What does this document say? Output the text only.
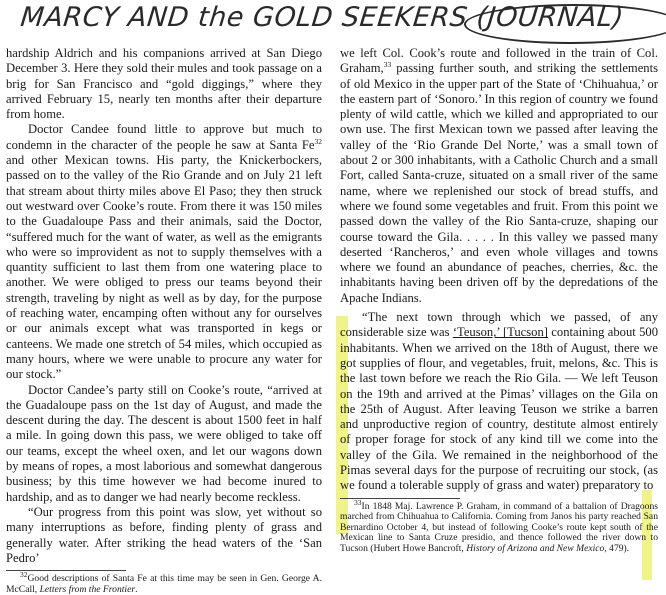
MARCY AND the GOLD SEEKERS (JOURNAL)

hardship Aldrich and his companions arrived at San Diego December 3. Here they sold their mules and took passage on a brig for San Francisco and “gold diggings,” where they arrived February 15, nearly ten months after their departure from home.

Doctor Candee found little to approve but much to condemn in the character of the people he saw at Santa Fe$^{32}$ and other Mexican towns. His party, the Knickerbockers, passed on to the valley of the Rio Grande and on July 21 left that stream about thirty miles above El Paso; they then struck out westward over Cooke’s route. From there it was 150 miles to the Guadaloupe Pass and their animals, said the Doctor, “suffered much for the want of water, as well as the emigrants who were so improvident as not to supply themselves with a quantity sufficient to last them from one watering place to another. We were obliged to press our teams beyond their strength, traveling by night as well as by day, for the purpose of reaching water, encamping often without any for ourselves or our animals except what was transported in kegs or canteens. We made one stretch of 54 miles, which occupied as many hours, where we were unable to procure any water for our stock.”

Doctor Candee’s party still on Cooke’s route, “arrived at the Guadaloupe pass on the 1st day of August, and made the descent during the day. The descent is about 1500 feet in half a mile. In going down this pass, we were obliged to take off our teams, except the wheel oxen, and let our wagons down by means of ropes, a most laborious and somewhat dangerous business; by this time however we had become inured to hardship, and as to danger we had nearly become reckless.

“Our progress from this point was slow, yet without so many interruptions as before, finding plenty of grass and generally water. After striking the head waters of the ‘San Pedro’

$^{32}$Good descriptions of Santa Fe at this time may be seen in Gen. George A. McCall, Letters from the Frontier.

we left Col. Cook’s route and followed in the train of Col. Graham,$^{33}$ passing further south, and striking the settlements of old Mexico in the upper part of the State of ‘Chihuahua,’ or the eastern part of ‘Sonoro.’ In this region of country we found plenty of wild cattle, which we killed and appropriated to our own use. The first Mexican town we passed after leaving the valley of the ‘Rio Grande Del Norte,’ was a small town of about 2 or 300 inhabitants, with a Catholic Church and a small Fort, called Santa-cruze, situated on a small river of the same name, where we replenished our stock of bread stuffs, and where we found some vegetables and fruit. From this point we passed down the valley of the Rio Santa-cruze, shaping our course toward the Gila. . . . . In this valley we passed many deserted ‘Rancheros,’ and even whole villages and towns where we found an abundance of peaches, cherries, &c. the inhabitants having been driven off by the depredations of the Apache Indians.

“The next town through which we passed, of any considerable size was ‘Teuson,’ [Tucson] containing about 500 inhabitants. When we arrived on the 18th of August, there we got supplies of flour, and vegetables, fruit, melons, &c. This is the last town before we reach the Rio Gila. — We left Teuson on the 19th and arrived at the Pimas’ villages on the Gila on the 25th of August. After leaving Teuson we strike a barren and unproductive region of country, destitute almost entirely of proper forage for stock of any kind till we come into the valley of the Gila. We remained in the neighborhood of the Pimas several days for the purpose of recruiting our stock, (as we found a tolerable supply of grass and water) preparatory to

$^{33}$In 1848 Maj. Lawrence P. Graham, in command of a battalion of Dragoons marched from Chihuahua to California. Coming from Janos his party reached San Bernardino October 4, but instead of following Cooke’s route kept south of the Mexican line to Santa Cruze presidio, and thence followed the river down to Tucson (Hubert Howe Bancroft, History of Arizona and New Mexico, 479).
